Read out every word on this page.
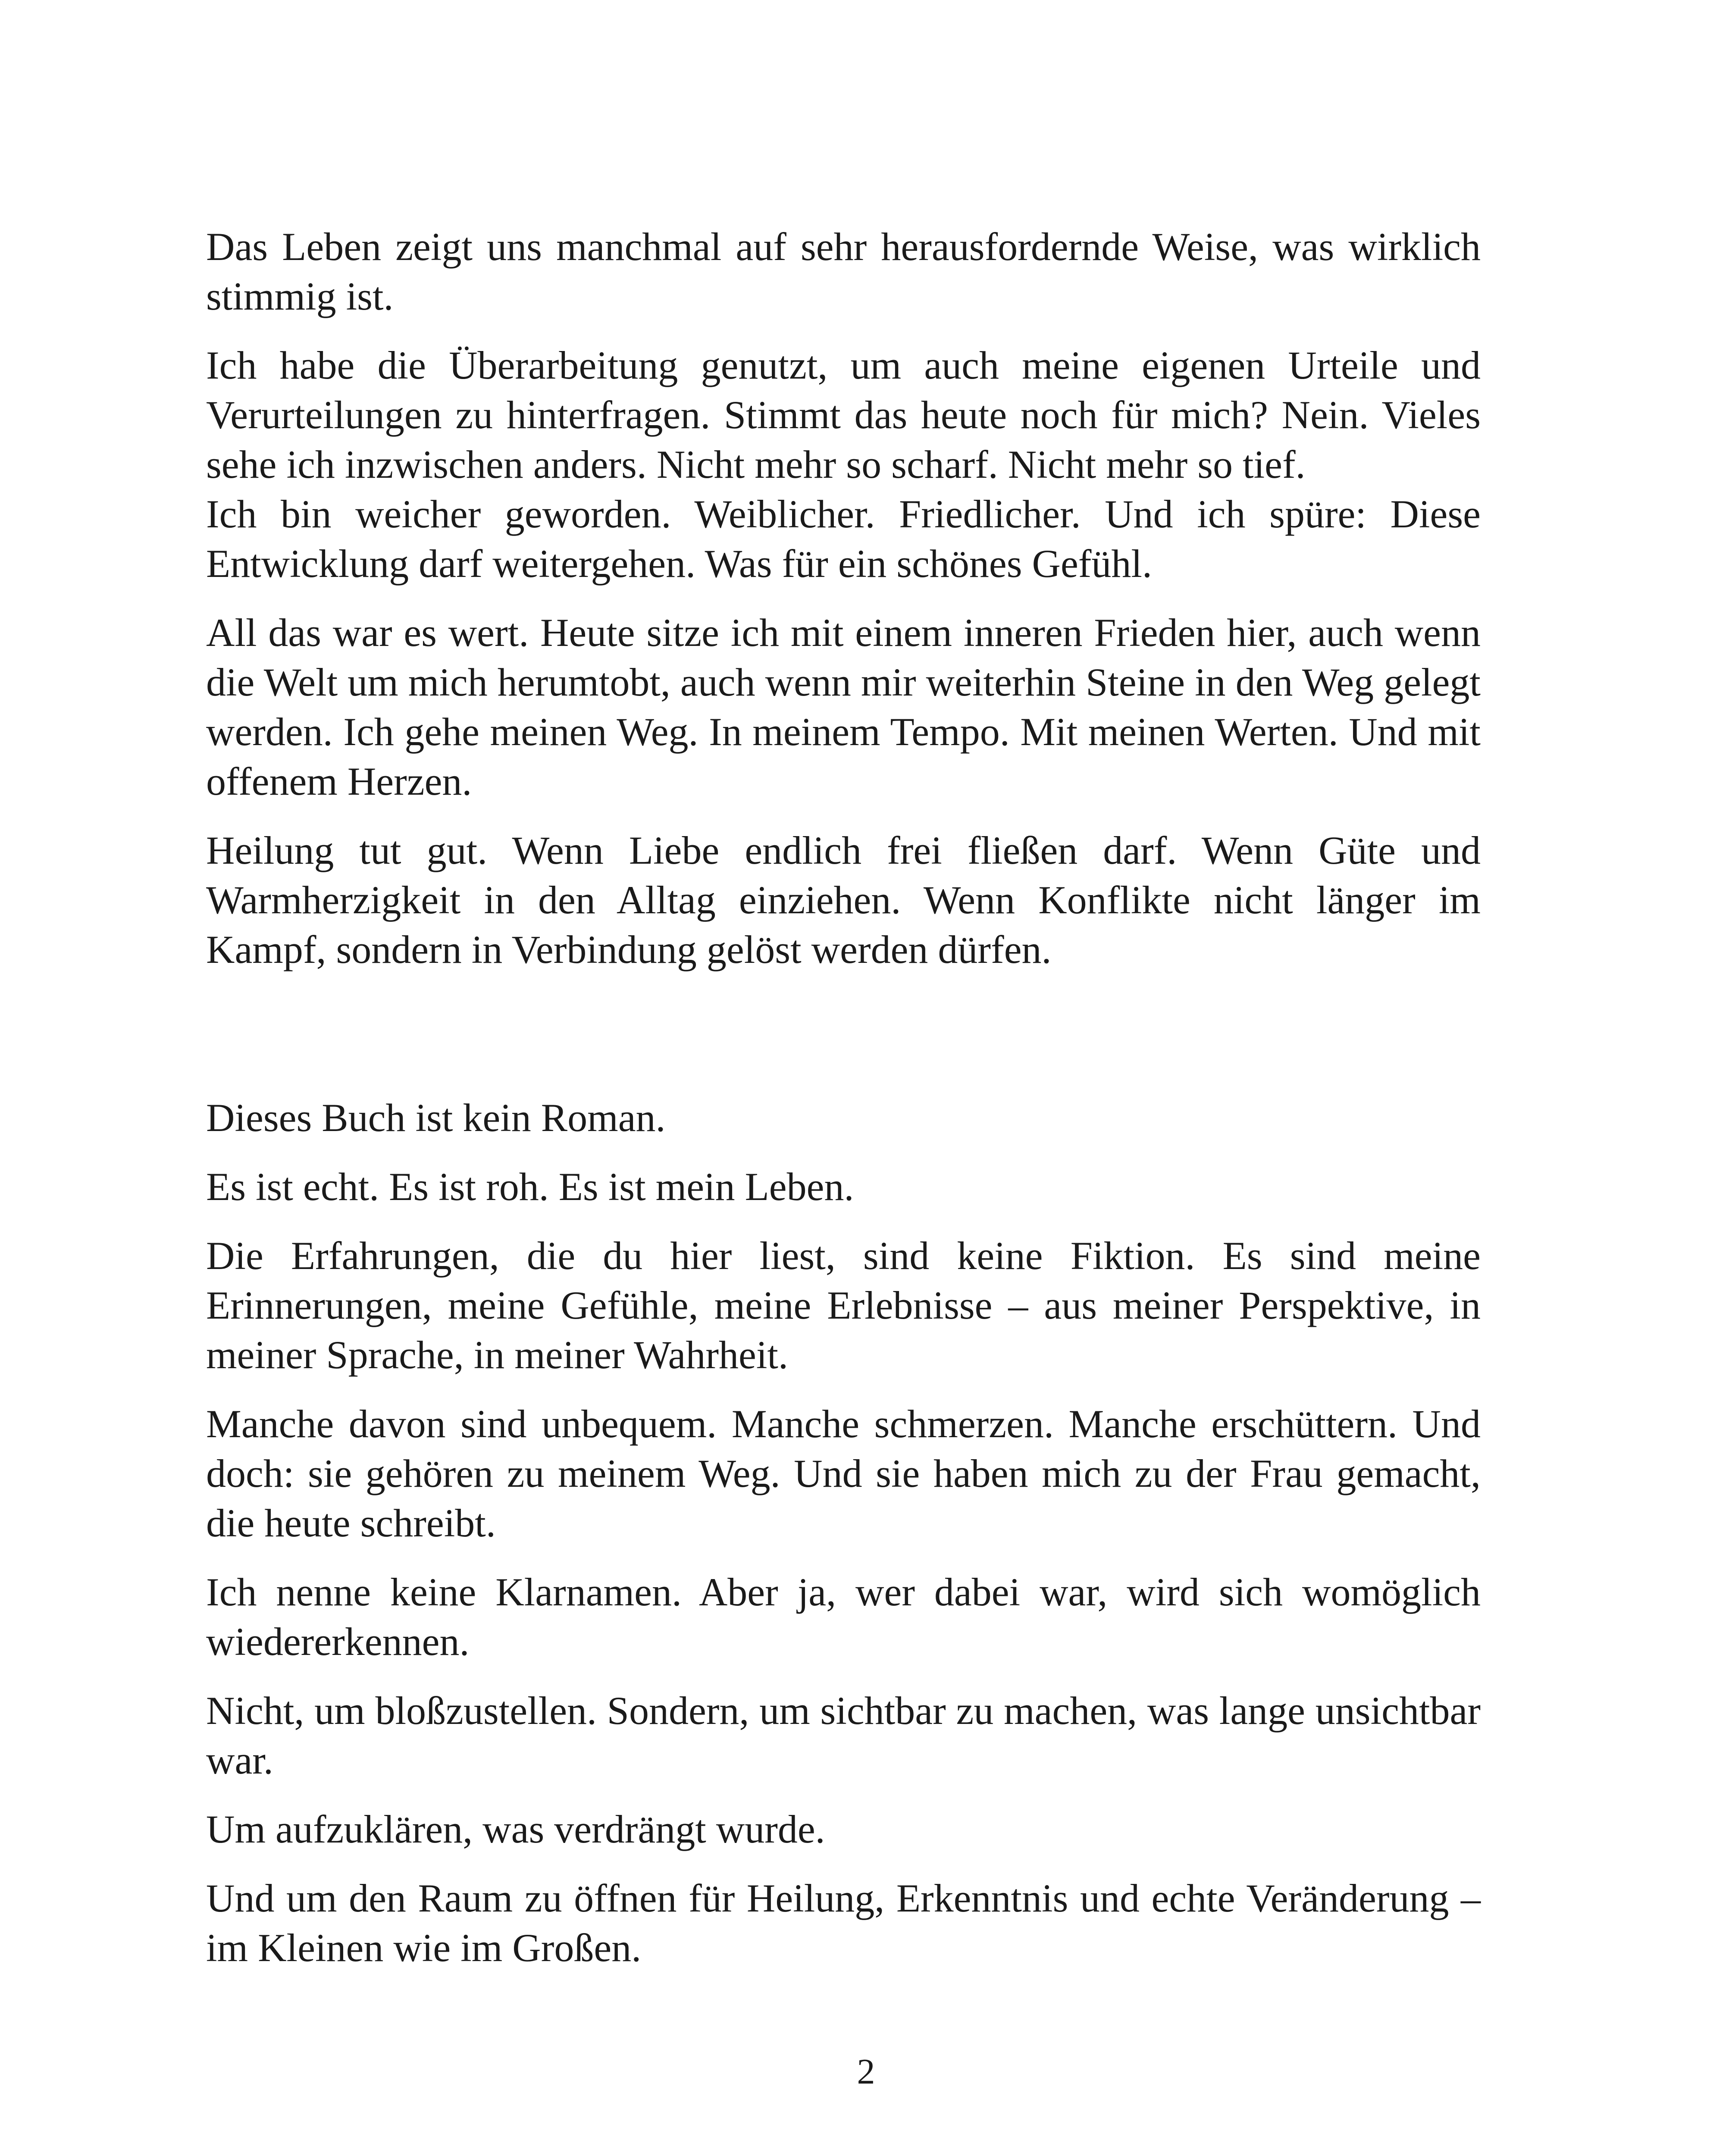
Das Leben zeigt uns manchmal auf sehr herausfordernde Weise, was wirklich stimmig ist.

Ich habe die Überarbeitung genutzt, um auch meine eigenen Urteile und Verurteilungen zu hinterfragen. Stimmt das heute noch für mich? Nein. Vieles sehe ich inzwischen anders. Nicht mehr so scharf. Nicht mehr so tief.

Ich bin weicher geworden. Weiblicher. Friedlicher. Und ich spüre: Diese Entwicklung darf weitergehen. Was für ein schönes Gefühl.

All das war es wert. Heute sitze ich mit einem inneren Frieden hier, auch wenn die Welt um mich herumtobt, auch wenn mir weiterhin Steine in den Weg gelegt werden. Ich gehe meinen Weg. In meinem Tempo. Mit meinen Werten. Und mit offenem Herzen.

Heilung tut gut. Wenn Liebe endlich frei fließen darf. Wenn Güte und Warmherzigkeit in den Alltag einziehen. Wenn Konflikte nicht länger im Kampf, sondern in Verbindung gelöst werden dürfen.

Dieses Buch ist kein Roman.

Es ist echt. Es ist roh. Es ist mein Leben.

Die Erfahrungen, die du hier liest, sind keine Fiktion. Es sind meine Erinnerungen, meine Gefühle, meine Erlebnisse – aus meiner Perspektive, in meiner Sprache, in meiner Wahrheit.

Manche davon sind unbequem. Manche schmerzen. Manche erschüttern. Und doch: sie gehören zu meinem Weg. Und sie haben mich zu der Frau gemacht, die heute schreibt.

Ich nenne keine Klarnamen. Aber ja, wer dabei war, wird sich womöglich wiedererkennen.

Nicht, um bloßzustellen. Sondern, um sichtbar zu machen, was lange unsichtbar war.

Um aufzuklären, was verdrängt wurde.

Und um den Raum zu öffnen für Heilung, Erkenntnis und echte Veränderung – im Kleinen wie im Großen.

2
